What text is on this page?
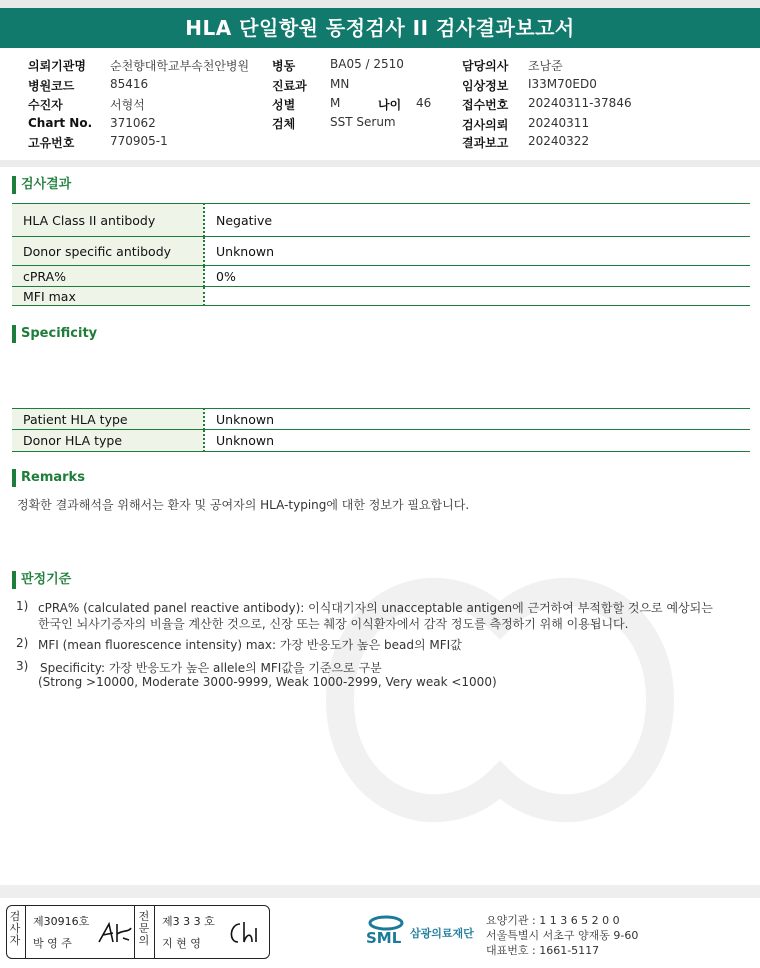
HLA 단일항원 동정검사 II 검사결과보고서
의뢰기관명 순천향대학교부속천안병원
병원코드	85416
수진자	서형석
Chart No. 371062
고유번호	770905-1
병동	BA05 / 2510
진료과 MN
성별	M	나이 46
검체	SST Serum
담당의사 조남준
임상정보 I33M70ED0
접수번호 20240311-37846
검사의뢰 20240311
결과보고 20240322
검사결과
HLA Class II antibody	Negative
Donor specific antibody	Unknown
cPRA%	0%
MFI max	
Specificity
Patient HLA type	Unknown
Donor HLA type	Unknown
Remarks
정확한 결과해석을 위해서는 환자 및 공여자의 HLA-typing에 대한 정보가 필요합니다.
판정기준
1) cPRA% (calculated panel reactive antibody): 이식대기자의 unacceptable antigen에 근거하여 부적합할 것으로 예상되는
한국인 뇌사기증자의 비율을 계산한 것으로, 신장 또는 췌장 이식환자에서 감작 정도를 측정하기 위해 이용됩니다.
2) MFI (mean fluorescence intensity) max: 가장 반응도가 높은 bead의 MFI값
3) Specificity: 가장 반응도가 높은 allele의 MFI값을 기준으로 구분
(Strong >10000, Moderate 3000-9999, Weak 1000-2999, Very weak <1000)
검
사
자
제30916호
박 영 주
전
문
의
제3 3 3 호
지 현 영	SML 삼광의료재단
요양기관 : 1 1 3 6 5 2 0 0
서울특별시 서초구 양재동 9-60
대표번호 : 1661-5117
